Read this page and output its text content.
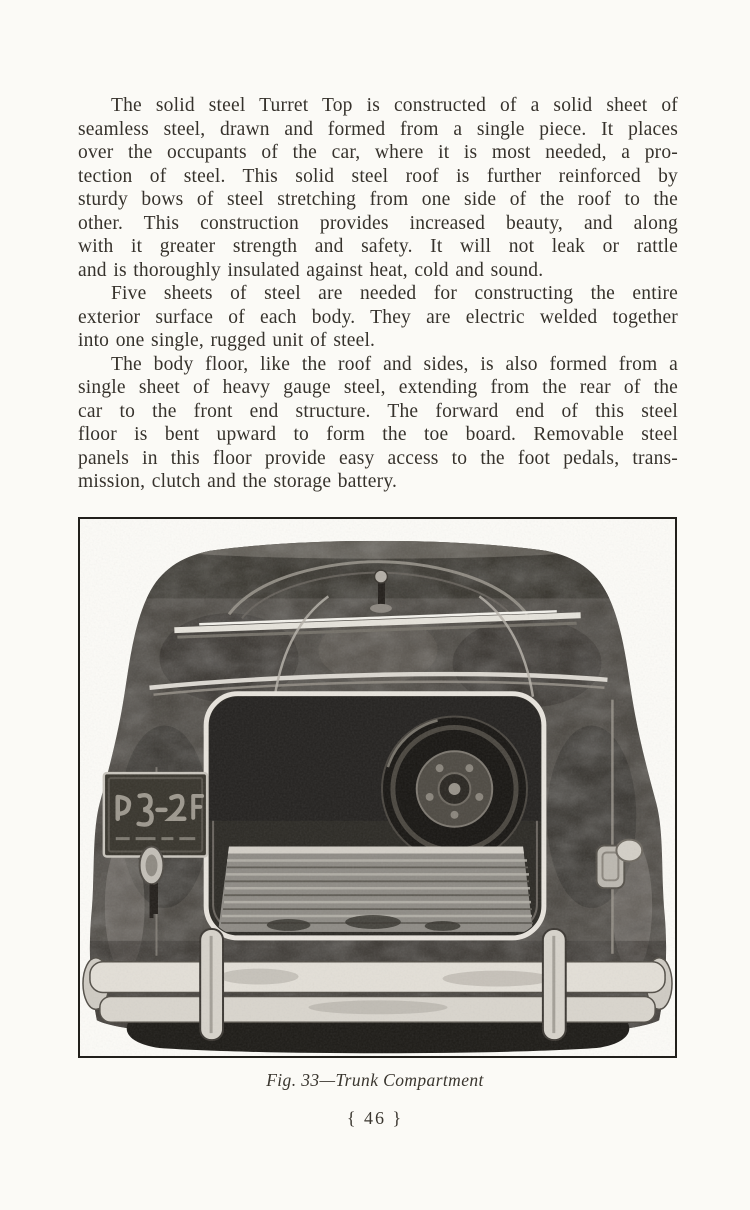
The solid steel Turret Top is constructed of a solid sheet of
seamless steel, drawn and formed from a single piece. It places
over the occupants of the car, where it is most needed, a pro-
tection of steel. This solid steel roof is further reinforced by
sturdy bows of steel stretching from one side of the roof to the
other. This construction provides increased beauty, and along
with it greater strength and safety. It will not leak or rattle
and is thoroughly insulated against heat, cold and sound.
Five sheets of steel are needed for constructing the entire
exterior surface of each body. They are electric welded together
into one single, rugged unit of steel.
The body floor, like the roof and sides, is also formed from a
single sheet of heavy gauge steel, extending from the rear of the
car to the front end structure. The forward end of this steel
floor is bent upward to form the toe board. Removable steel
panels in this floor provide easy access to the foot pedals, trans-
mission, clutch and the storage battery.
Fig. 33—Trunk Compartment
{ 46 }
